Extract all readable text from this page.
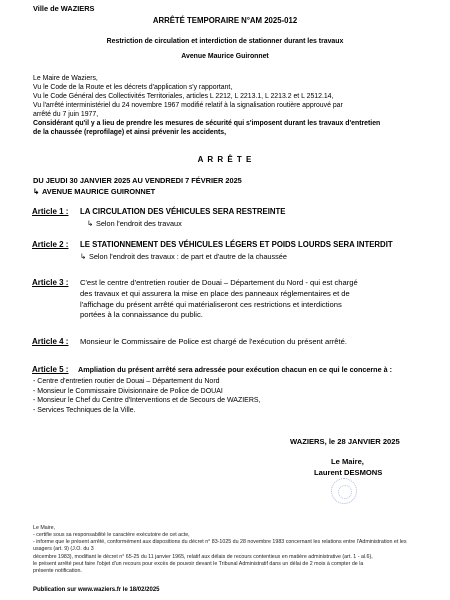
Ville de WAZIERS
ARRÊTÉ TEMPORAIRE N°AM 2025-012
Restriction de circulation et interdiction de stationner durant les travaux
Avenue Maurice Guironnet
Le Maire de Waziers,
Vu le Code de la Route et les décrets d'application s'y rapportant,
Vu le Code Général des Collectivités Territoriales, articles L 2212, L 2213.1, L 2213.2 et L 2512.14,
Vu l'arrêté interministériel du 24 novembre 1967 modifié relatif à la signalisation routière approuvé par
arrêté du 7 juin 1977,
Considérant qu'il y a lieu de prendre les mesures de sécurité qui s'imposent durant les travaux d'entretien
de la chaussée (reprofilage) et ainsi prévenir les accidents,
A R R Ê T E
DU JEUDI 30 JANVIER 2025 AU VENDREDI 7 FÉVRIER 2025
↳ AVENUE MAURICE GUIRONNET
Article 1 : LA CIRCULATION DES VÉHICULES SERA RESTREINTE
↳ Selon l'endroit des travaux
Article 2 : LE STATIONNEMENT DES VÉHICULES LÉGERS ET POIDS LOURDS SERA INTERDIT
↳ Selon l'endroit des travaux : de part et d'autre de la chaussée
Article 3 : C'est le centre d'entretien routier de Douai – Département du Nord - qui est chargé
des travaux et qui assurera la mise en place des panneaux réglementaires et de
l'affichage du présent arrêté qui matérialiseront ces restrictions et interdictions
portées à la connaissance du public.
Article 4 : Monsieur le Commissaire de Police est chargé de l'exécution du présent arrêté.
Article 5 : Ampliation du présent arrêté sera adressée pour exécution chacun en ce qui le concerne à :
- Centre d'entretien routier de Douai – Département du Nord
- Monsieur le Commissaire Divisionnaire de Police de DOUAI
- Monsieur le Chef du Centre d'Interventions et de Secours de WAZIERS,
- Services Techniques de la Ville.
WAZIERS, le 28 JANVIER 2025
Le Maire,
Laurent DESMONS
Le Maire,
- certifie sous sa responsabilité le caractère exécutoire de cet acte,
- informe que le présent arrêté, conformément aux dispositions du décret n° 83-1025 du 28 novembre 1983 concernant les relations entre l'Administration et les usagers (art. 9) (J.O. du 3
décembre 1983), modifiant le décret n° 65-25 du 11 janvier 1965, relatif aux délais de recours contentieux en matière administrative (art. 1 - al.6),
le présent arrêté peut faire l'objet d'un recours pour excès de pouvoir devant le Tribunal Administratif dans un délai de 2 mois à compter de la
présente notification.
Publication sur www.waziers.fr le 18/02/2025
